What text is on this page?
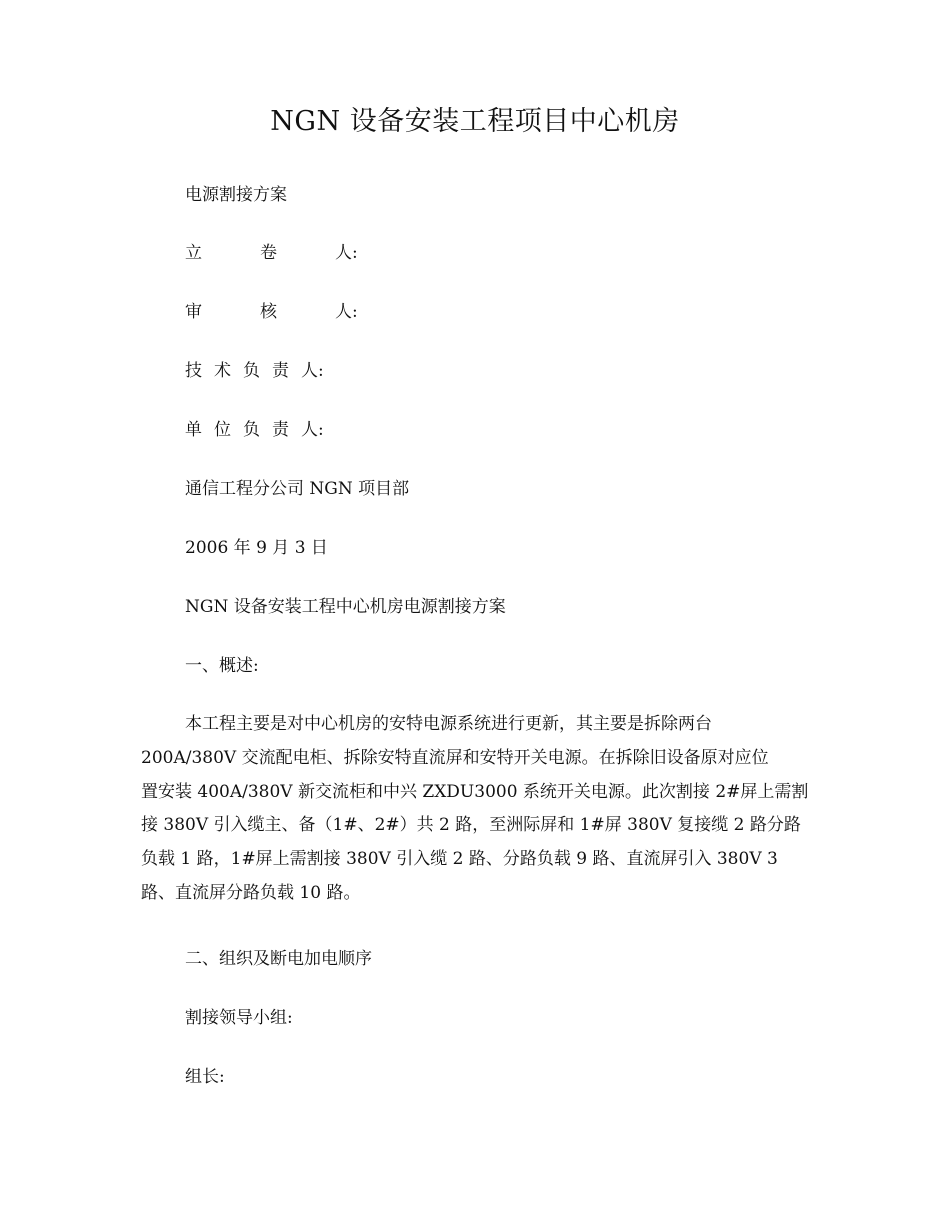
NGN 设备安装工程项目中心机房
电源割接方案
立	卷	人:
审	核	人:
技 术 负 责 人:
单 位 负 责 人:
通信工程分公司 NGN 项目部
2006 年 9 月 3 日
NGN 设备安装工程中心机房电源割接方案
一、概述:
本工程主要是对中心机房的安特电源系统进行更新，其主要是拆除两台
200A/380V 交流配电柜、拆除安特直流屏和安特开关电源。在拆除旧设备原对应位
置安装 400A/380V 新交流柜和中兴 ZXDU3000 系统开关电源。此次割接 2#屏上需割
接 380V 引入缆主、备（1#、2#）共 2 路，至洲际屏和 1#屏 380V 复接缆 2 路分路
负载 1 路，1#屏上需割接 380V 引入缆 2 路、分路负载 9 路、直流屏引入 380V 3
路、直流屏分路负载 10 路。
二、组织及断电加电顺序
割接领导小组:
组长:
